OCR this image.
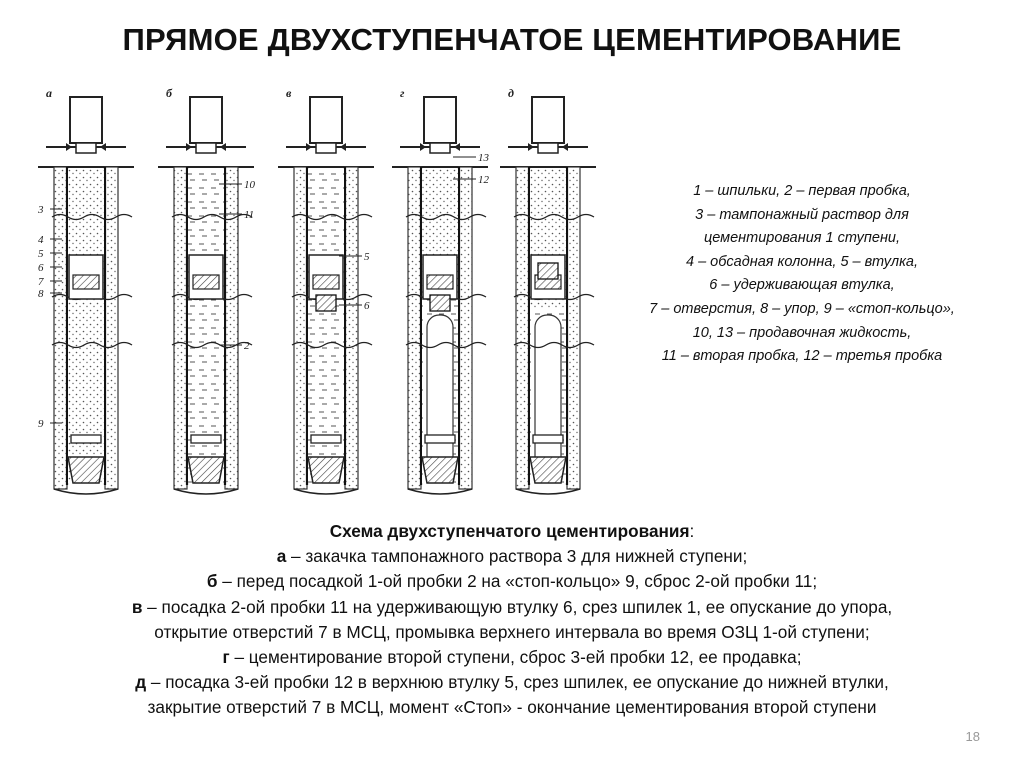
ПРЯМОЕ ДВУХСТУПЕНЧАТОЕ ЦЕМЕНТИРОВАНИЕ
а
3
4
5
6
7
8
9
б
10
11
2
в
5
6
г
13
12
д
1 – шпильки, 2 – первая пробка,
3 – тампонажный раствор для
цементирования 1 ступени,
4 – обсадная колонна, 5 – втулка,
6 – удерживающая втулка,
7 – отверстия, 8 – упор, 9 – «стоп-кольцо»,
10, 13 – продавочная жидкость,
11 – вторая пробка, 12 – третья пробка
Схема двухступенчатого цементирования:
а – закачка тампонажного раствора 3 для нижней ступени;
б – перед посадкой 1-ой пробки 2 на «стоп-кольцо» 9, сброс 2-ой пробки 11;
в – посадка 2-ой пробки 11 на удерживающую втулку 6, срез шпилек 1, ее опускание до упора,
открытие отверстий 7 в МСЦ, промывка верхнего интервала во время ОЗЦ 1-ой ступени;
г – цементирование второй ступени, сброс 3-ей пробки 12, ее продавка;
д – посадка 3-ей пробки 12 в верхнюю втулку 5, срез шпилек, ее опускание до нижней втулки,
закрытие отверстий 7 в МСЦ, момент «Стоп» - окончание цементирования второй ступени
18
